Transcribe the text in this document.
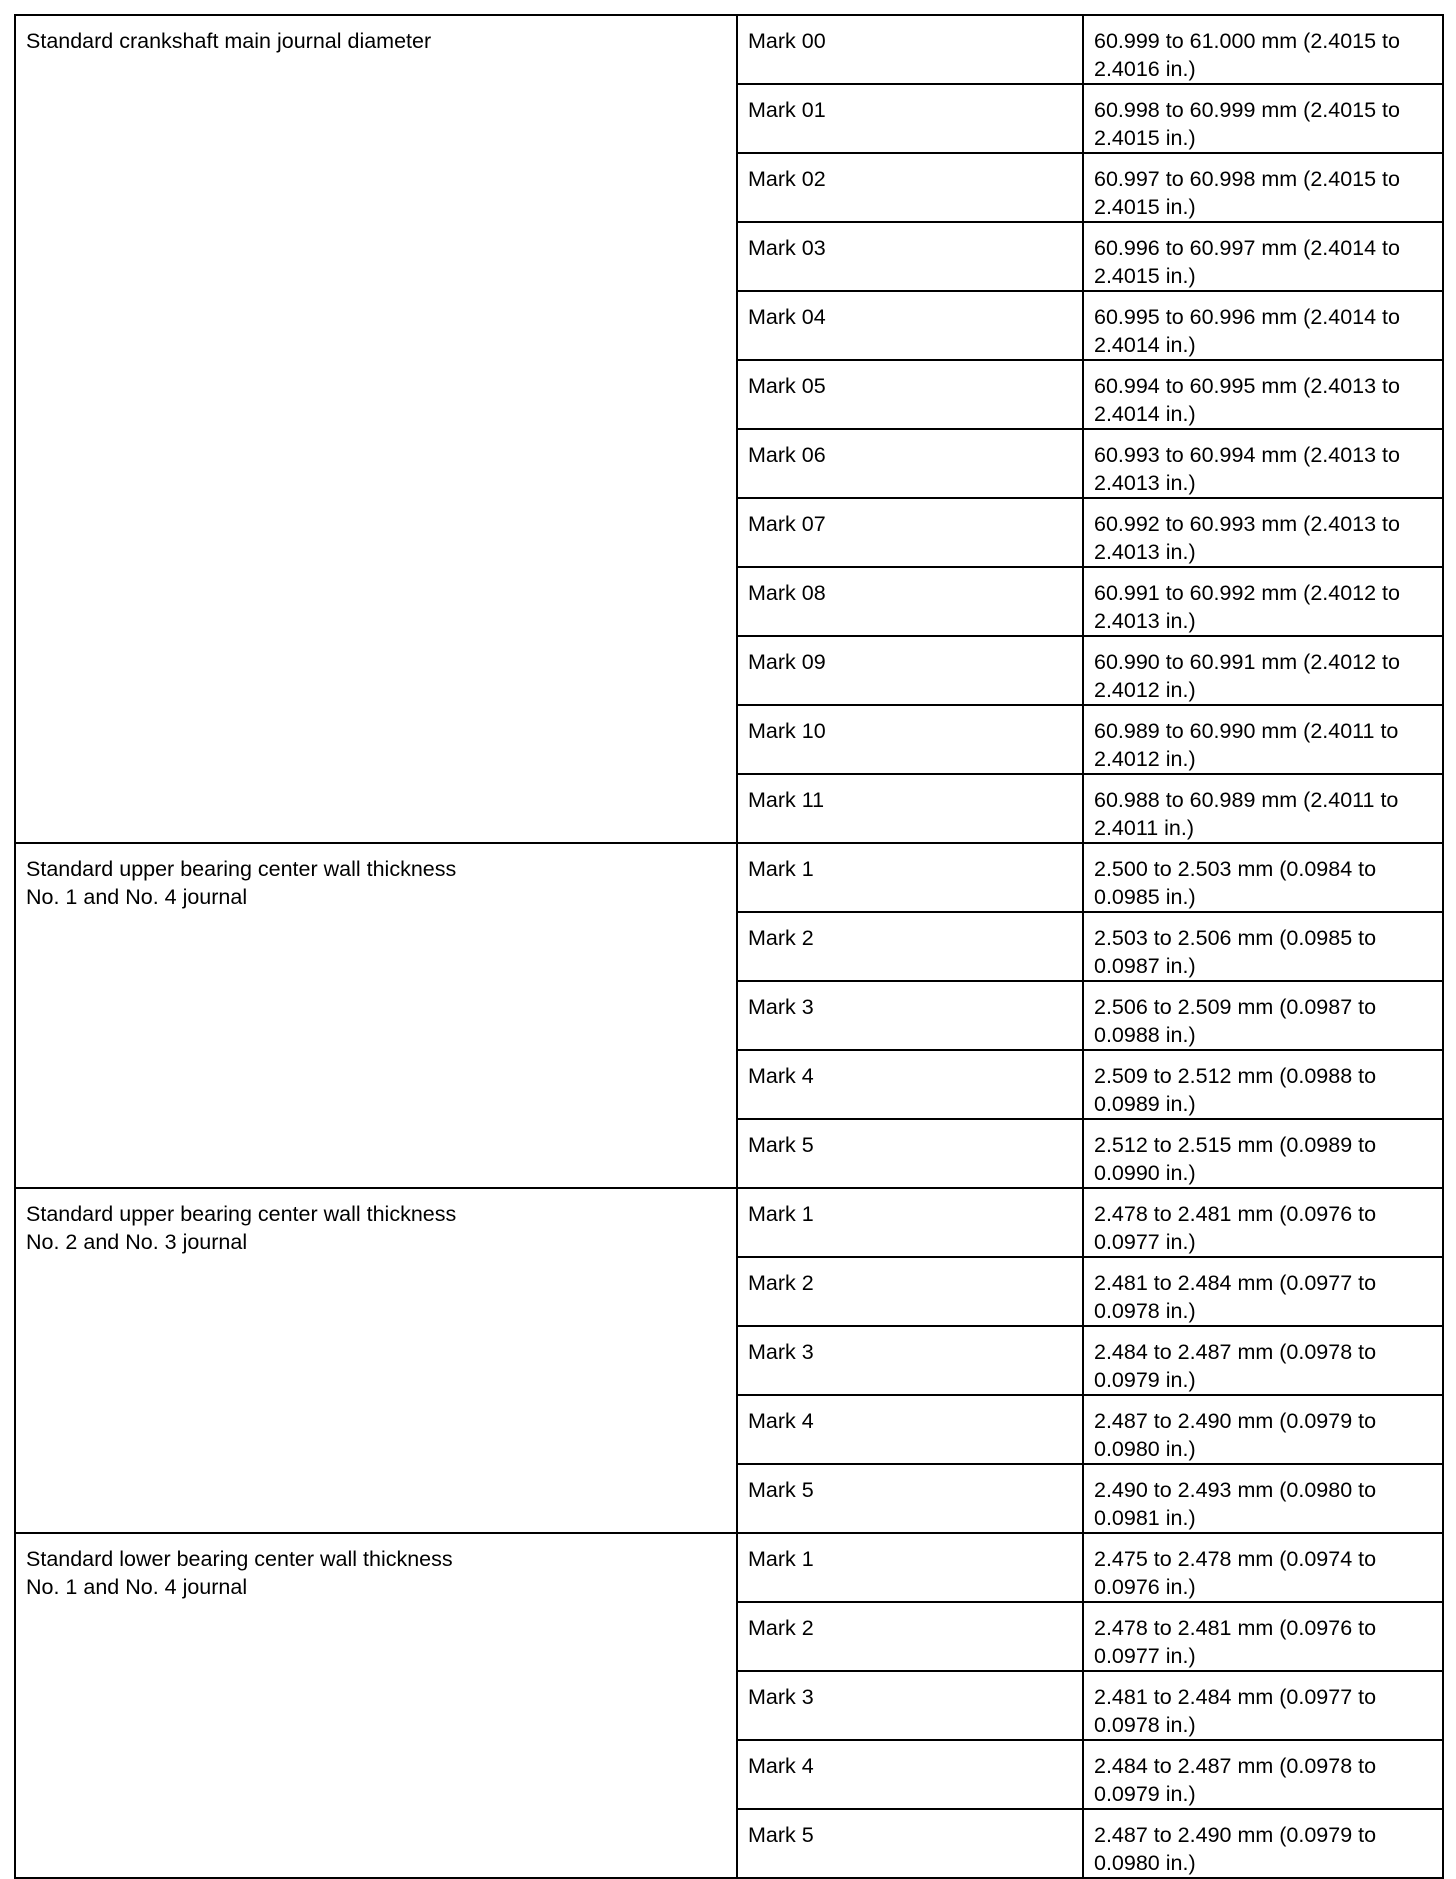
Standard crankshaft main journal diameter	Mark 00	60.999 to 61.000 mm (2.4015 to 2.4016 in.)
	Mark 01	60.998 to 60.999 mm (2.4015 to 2.4015 in.)
	Mark 02	60.997 to 60.998 mm (2.4015 to 2.4015 in.)
	Mark 03	60.996 to 60.997 mm (2.4014 to 2.4015 in.)
	Mark 04	60.995 to 60.996 mm (2.4014 to 2.4014 in.)
	Mark 05	60.994 to 60.995 mm (2.4013 to 2.4014 in.)
	Mark 06	60.993 to 60.994 mm (2.4013 to 2.4013 in.)
	Mark 07	60.992 to 60.993 mm (2.4013 to 2.4013 in.)
	Mark 08	60.991 to 60.992 mm (2.4012 to 2.4013 in.)
	Mark 09	60.990 to 60.991 mm (2.4012 to 2.4012 in.)
	Mark 10	60.989 to 60.990 mm (2.4011 to 2.4012 in.)
	Mark 11	60.988 to 60.989 mm (2.4011 to 2.4011 in.)
Standard upper bearing center wall thickness
No. 1 and No. 4 journal	Mark 1	2.500 to 2.503 mm (0.0984 to 0.0985 in.)
	Mark 2	2.503 to 2.506 mm (0.0985 to 0.0987 in.)
	Mark 3	2.506 to 2.509 mm (0.0987 to 0.0988 in.)
	Mark 4	2.509 to 2.512 mm (0.0988 to 0.0989 in.)
	Mark 5	2.512 to 2.515 mm (0.0989 to 0.0990 in.)
Standard upper bearing center wall thickness
No. 2 and No. 3 journal	Mark 1	2.478 to 2.481 mm (0.0976 to 0.0977 in.)
	Mark 2	2.481 to 2.484 mm (0.0977 to 0.0978 in.)
	Mark 3	2.484 to 2.487 mm (0.0978 to 0.0979 in.)
	Mark 4	2.487 to 2.490 mm (0.0979 to 0.0980 in.)
	Mark 5	2.490 to 2.493 mm (0.0980 to 0.0981 in.)
Standard lower bearing center wall thickness
No. 1 and No. 4 journal	Mark 1	2.475 to 2.478 mm (0.0974 to 0.0976 in.)
	Mark 2	2.478 to 2.481 mm (0.0976 to 0.0977 in.)
	Mark 3	2.481 to 2.484 mm (0.0977 to 0.0978 in.)
	Mark 4	2.484 to 2.487 mm (0.0978 to 0.0979 in.)
	Mark 5	2.487 to 2.490 mm (0.0979 to 0.0980 in.)
